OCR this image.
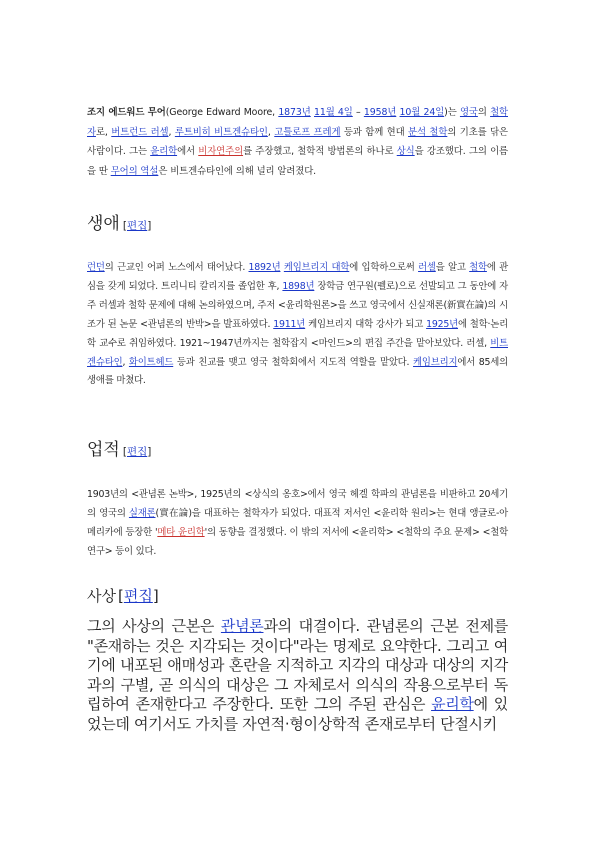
조지 에드워드 무어(George Edward Moore, 1873년 11월 4일 – 1958년 10월 24일)는 영국의 철학자로, 버트런드 러셀, 루트비히 비트겐슈타인, 고틀로프 프레게 등과 함께 현대 분석 철학의 기초를 닦은 사람이다. 그는 윤리학에서 비자연주의를 주장했고, 철학적 방법론의 하나로 상식을 강조했다. 그의 이름을 딴 무어의 역설은 비트겐슈타인에 의해 널리 알려졌다.

생애 [편집]

런던의 근교인 어퍼 노스에서 태어났다. 1892년 케임브리지 대학에 입학하으로써 러셀을 알고 철학에 관심을 갖게 되었다. 트리니티 칼리지를 졸업한 후, 1898년 장학금 연구원(펠로)으로 선발되고 그 동안에 자주 러셀과 철학 문제에 대해 논의하였으며, 주저 <윤리학원론>을 쓰고 영국에서 신실재론(新實在論)의 시조가 된 논문 <관념론의 반박>을 발표하였다. 1911년 케임브리지 대학 강사가 되고 1925년에 철학·논리학 교수로 취임하였다. 1921~1947년까지는 철학잡지 <마인드>의 편집 주간을 맡아보았다. 러셀, 비트겐슈타인, 화이트헤드 등과 친교를 맺고 영국 철학회에서 지도적 역할을 맡았다. 케임브리지에서 85세의 생애를 마쳤다.

업적 [편집]

1903년의 <관념론 논박>, 1925년의 <상식의 옹호>에서 영국 헤겔 학파의 관념론을 비판하고 20세기의 영국의 실재론(實在論)을 대표하는 철학자가 되었다. 대표적 저서인 <윤리학 원리>는 현대 앵글로-아메리카에 등장한 '메타 윤리학'의 동향을 결정했다. 이 밖의 저서에 <윤리학> <철학의 주요 문제> <철학 연구> 등이 있다.

사상 [편집]

그의 사상의 근본은 관념론과의 대결이다. 관념론의 근본 전제를 "존재하는 것은 지각되는 것이다"라는 명제로 요약한다. 그리고 여기에 내포된 애매성과 혼란을 지적하고 지각의 대상과 대상의 지각과의 구별, 곧 의식의 대상은 그 자체로서 의식의 작용으로부터 독립하여 존재한다고 주장한다. 또한 그의 주된 관심은 윤리학에 있었는데 여기서도 가치를 자연적·형이상학적 존재로부터 단절시키
